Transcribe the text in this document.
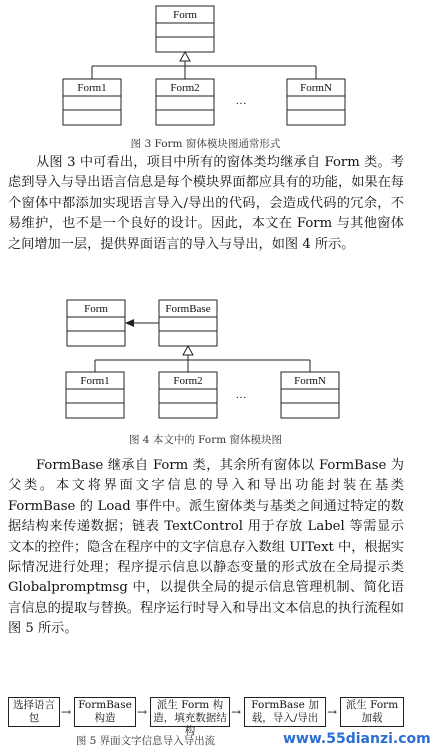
Form
Form1	Form2
…
FormN
图 3 Form 窗体模块图通常形式

从图 3 中可看出，项目中所有的窗体类均继承自 Form 类。考虑到导入与导出语言信息是每个模块界面都应具有的功能，如果在每个窗体中都添加实现语言导入/导出的代码，会造成代码的冗余，不易维护，也不是一个良好的设计。因此，本文在 Form 与其他窗体之间增加一层，提供界面语言的导入与导出，如图 4 所示。

Form	FormBase
Form1	Form2
…
FormN
图 4 本文中的 Form 窗体模块图

FormBase 继承自 Form 类，其余所有窗体以 FormBase 为父类。本文将界面文字信息的导入和导出功能封装在基类 FormBase 的 Load 事件中。派生窗体类与基类之间通过特定的数据结构来传递数据；链表 TextControl 用于存放 Label 等需显示文本的控件；隐含在程序中的文字信息存入数组 UIText 中，根据实际情况进行处理；程序提示信息以静态变量的形式放在全局提示类 Globalpromptmsg 中，以提供全局的提示信息管理机制、简化语言信息的提取与替换。程序运行时导入和导出文本信息的执行流程如图 5 所示。

选择语言包	→ FormBase 构造	→ 派生 Form 构造，填充数据结构
→ FormBase 加载，导入/导出 → 派生 Form 加载
图 5 界面文字信息导入导出流	www.55dianzi.com
